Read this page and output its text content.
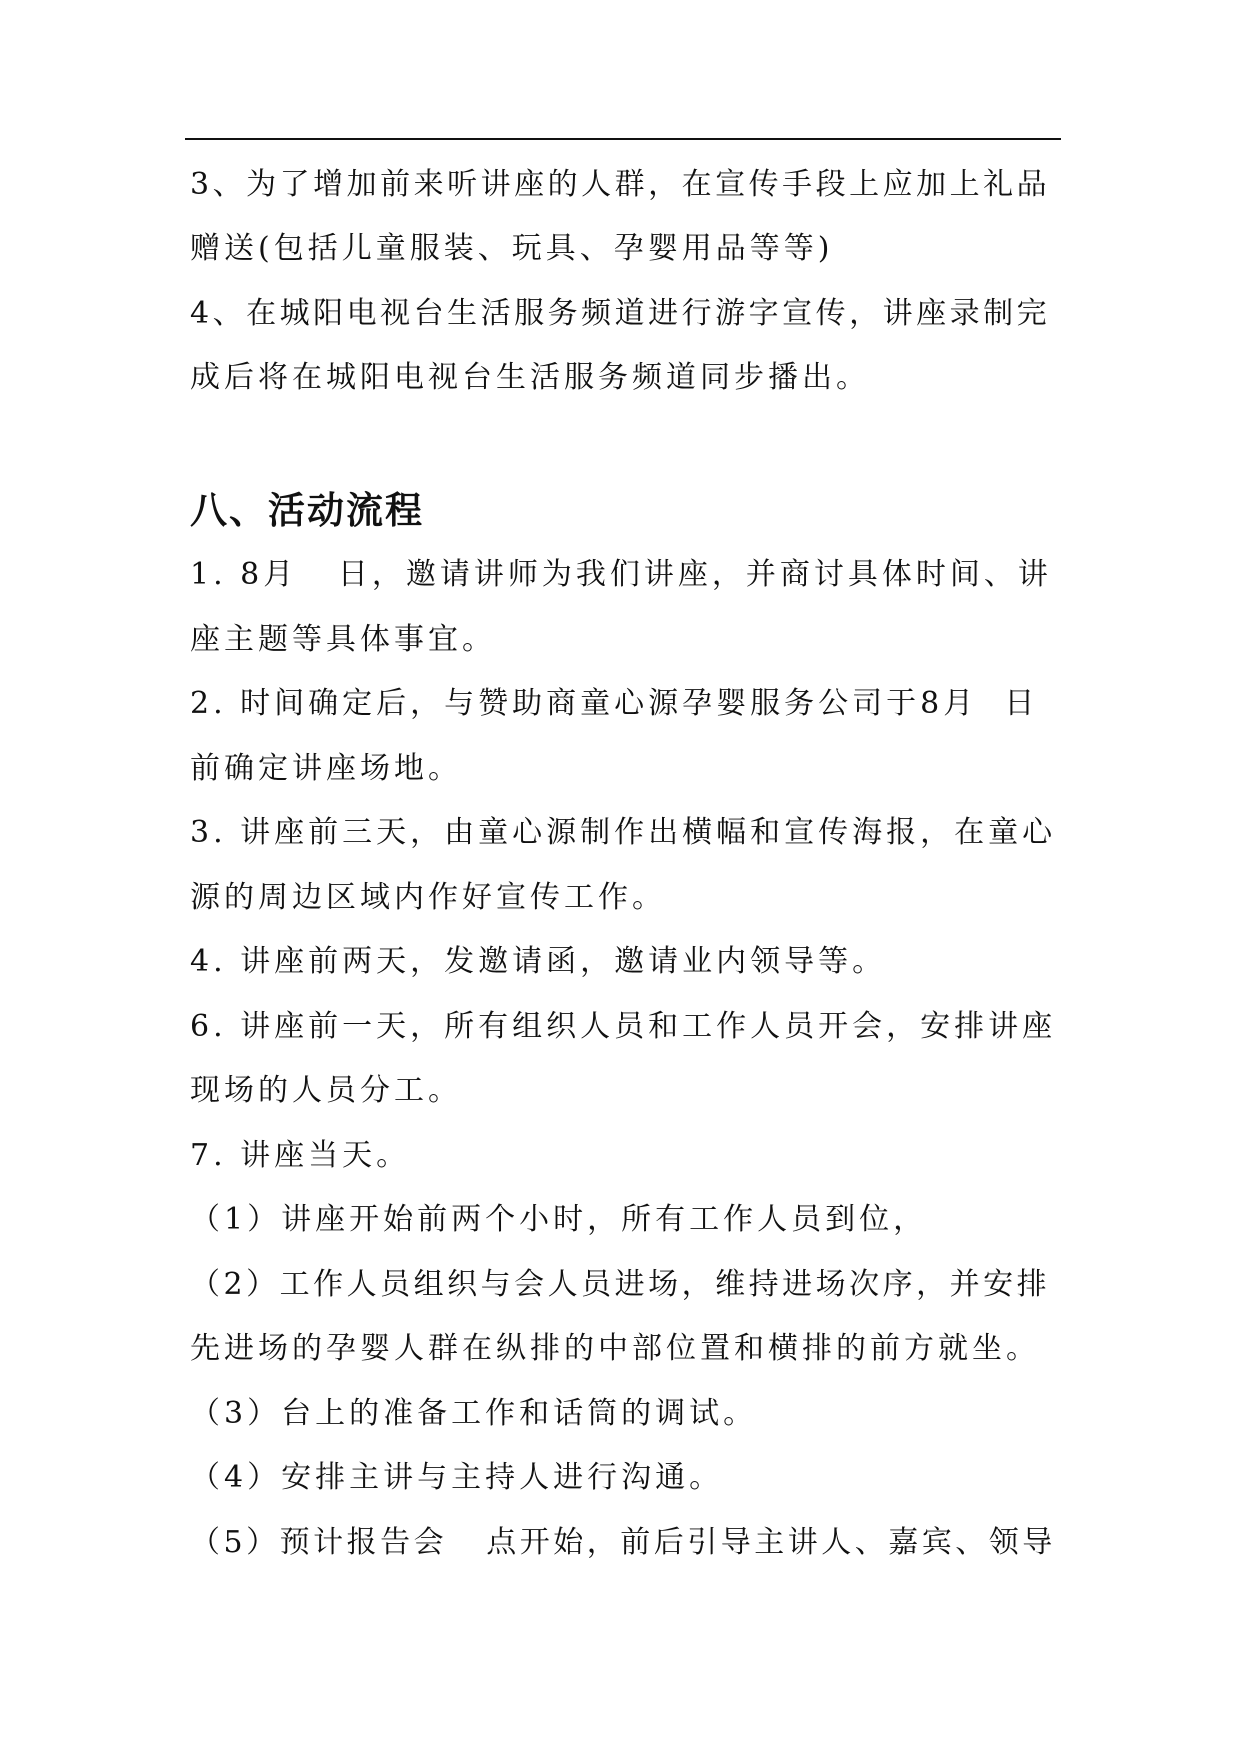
3、为了增加前来听讲座的人群，在宣传手段上应加上礼品

赠送(包括儿童服装、玩具、孕婴用品等等)

4、在城阳电视台生活服务频道进行游字宣传，讲座录制完

成后将在城阳电视台生活服务频道同步播出。

八、活动流程

1. 8月   日，邀请讲师为我们讲座，并商讨具体时间、讲

座主题等具体事宜。

2. 时间确定后，与赞助商童心源孕婴服务公司于8月  日

前确定讲座场地。

3. 讲座前三天，由童心源制作出横幅和宣传海报，在童心

源的周边区域内作好宣传工作。

4. 讲座前两天，发邀请函，邀请业内领导等。

6. 讲座前一天，所有组织人员和工作人员开会，安排讲座

现场的人员分工。

7. 讲座当天。

（1）讲座开始前两个小时，所有工作人员到位，

（2）工作人员组织与会人员进场，维持进场次序，并安排

先进场的孕婴人群在纵排的中部位置和横排的前方就坐。

（3）台上的准备工作和话筒的调试。

（4）安排主讲与主持人进行沟通。

（5）预计报告会   点开始，前后引导主讲人、嘉宾、领导
